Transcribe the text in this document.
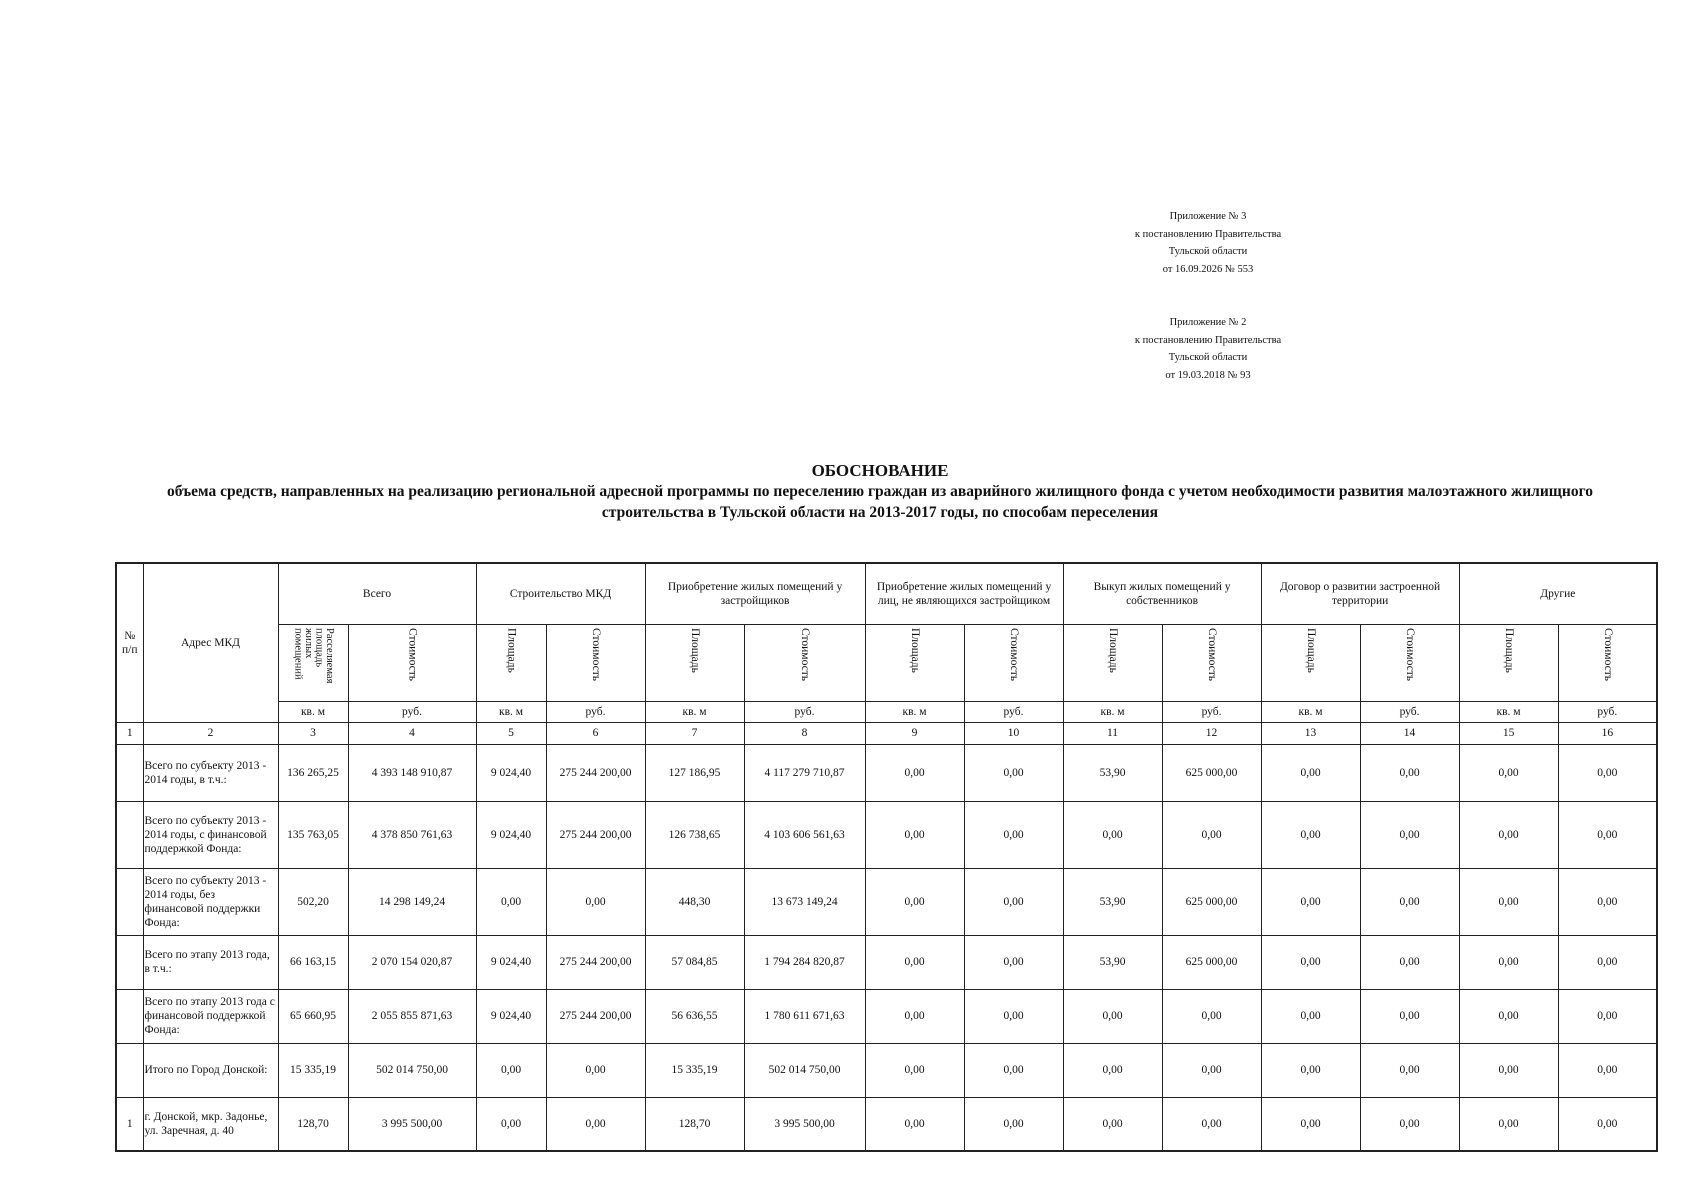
Приложение № 3
к постановлению Правительства
Тульской области
от 16.09.2026 № 553
Приложение № 2
к постановлению Правительства
Тульской области
от 19.03.2018 № 93
ОБОСНОВАНИЕ
объема средств, направленных на реализацию региональной адресной программы по переселению граждан из аварийного жилищного фонда с учетом необходимости развития малоэтажного жилищного строительства в Тульской области на 2013-2017 годы, по способам переселения
№ п/п	Адрес МКД	Всего		Строительство МКД		Приобретение жилых помещений у застройщиков		Приобретение жилых помещений у лиц, не являющихся застройщиком		Выкуп жилых помещений у собственников		Договор о развитии застроенной территории		Другие	
		Расселяемая площадь жилых помещений	Стоимость	Площадь	Стоимость	Площадь	Стоимость	Площадь	Стоимость	Площадь	Стоимость	Площадь	Стоимость	Площадь	Стоимость
		кв. м	руб.	кв. м	руб.	кв. м	руб.	кв. м	руб.	кв. м	руб.	кв. м	руб.	кв. м	руб.
1	2	3	4	5	6	7	8	9	10	11	12	13	14	15	16
	Всего по субъекту 2013 - 2014 годы, в т.ч.:	136 265,25	4 393 148 910,87	9 024,40	275 244 200,00	127 186,95	4 117 279 710,87	0,00	0,00	53,90	625 000,00	0,00	0,00	0,00	0,00
	Всего по субъекту 2013 - 2014 годы, с финансовой поддержкой Фонда:	135 763,05	4 378 850 761,63	9 024,40	275 244 200,00	126 738,65	4 103 606 561,63	0,00	0,00	0,00	0,00	0,00	0,00	0,00	0,00
	Всего по субъекту 2013 - 2014 годы, без финансовой поддержки Фонда:	502,20	14 298 149,24	0,00	0,00	448,30	13 673 149,24	0,00	0,00	53,90	625 000,00	0,00	0,00	0,00	0,00
	Всего по этапу 2013 года, в т.ч.:	66 163,15	2 070 154 020,87	9 024,40	275 244 200,00	57 084,85	1 794 284 820,87	0,00	0,00	53,90	625 000,00	0,00	0,00	0,00	0,00
	Всего по этапу 2013 года с финансовой поддержкой Фонда:	65 660,95	2 055 855 871,63	9 024,40	275 244 200,00	56 636,55	1 780 611 671,63	0,00	0,00	0,00	0,00	0,00	0,00	0,00	0,00
	Итого по Город Донской:	15 335,19	502 014 750,00	0,00	0,00	15 335,19	502 014 750,00	0,00	0,00	0,00	0,00	0,00	0,00	0,00	0,00
1	г. Донской, мкр. Задонье, ул. Заречная, д. 40	128,70	3 995 500,00	0,00	0,00	128,70	3 995 500,00	0,00	0,00	0,00	0,00	0,00	0,00	0,00	0,00
